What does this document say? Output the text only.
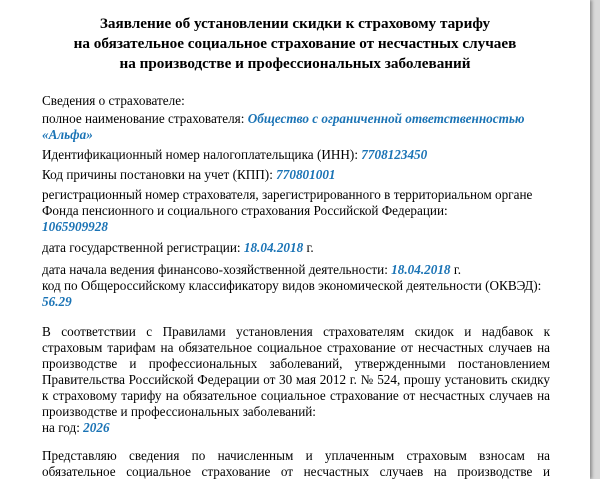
Заявление об установлении скидки к страховому тарифу
на обязательное социальное страхование от несчастных случаев
на производстве и профессиональных заболеваний
Сведения о страхователе:
полное наименование страхователя: Общество с ограниченной ответственностью
«Альфа»
Идентификационный номер налогоплательщика (ИНН): 7708123450
Код причины постановки на учет (КПП): 770801001
регистрационный номер страхователя, зарегистрированного в территориальном органе
Фонда пенсионного и социального страхования Российской Федерации:
1065909928
дата государственной регистрации: 18.04.2018 г.
дата начала ведения финансово-хозяйственной деятельности: 18.04.2018 г.
код по Общероссийскому классификатору видов экономической деятельности (ОКВЭД):
56.29
В соответствии с Правилами установления страхователям скидок и надбавок к
страховым тарифам на обязательное социальное страхование от несчастных случаев на
производстве и профессиональных заболеваний, утвержденными постановлением
Правительства Российской Федерации от 30 мая 2012 г. № 524, прошу установить скидку
к страховому тарифу на обязательное социальное страхование от несчастных случаев на
производстве и профессиональных заболеваний:
на год: 2026
Представляю сведения по начисленным и уплаченным страховым взносам на
обязательное социальное страхование от несчастных случаев на производстве и
